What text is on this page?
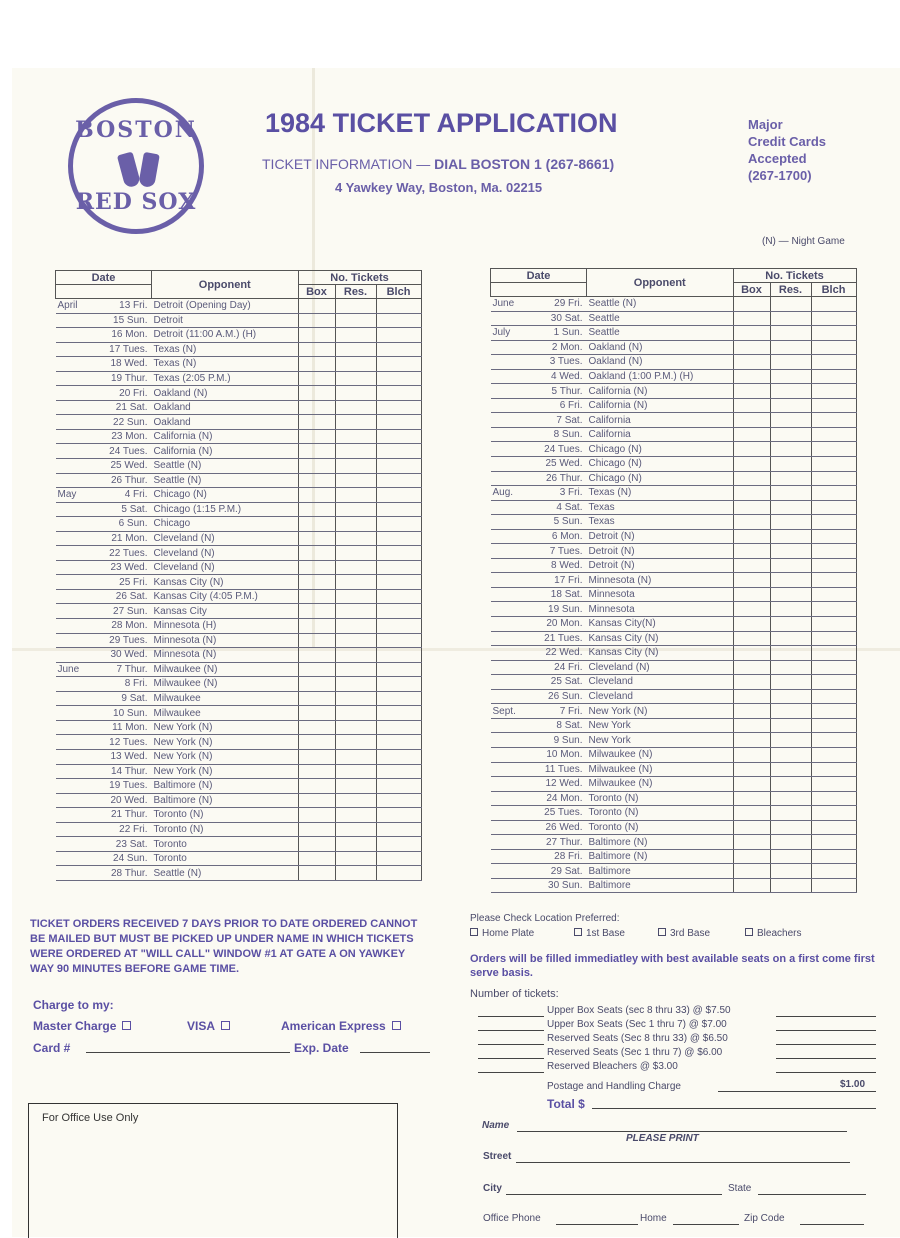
BOSTON
RED SOX
1984 TICKET APPLICATION
TICKET INFORMATION — DIAL BOSTON 1 (267-8661)
4 Yawkey Way, Boston, Ma. 02215
Major
Credit Cards
Accepted
(267-1700)
(N) — Night Game
Date		Opponent	No. Tickets		
			Box	Res.	Blch
April	13 Fri.	Detroit (Opening Day)			
	15 Sun.	Detroit			
	16 Mon.	Detroit (11:00 A.M.) (H)			
	17 Tues.	Texas (N)			
	18 Wed.	Texas (N)			
	19 Thur.	Texas (2:05 P.M.)			
	20 Fri.	Oakland (N)			
	21 Sat.	Oakland			
	22 Sun.	Oakland			
	23 Mon.	California (N)			
	24 Tues.	California (N)			
	25 Wed.	Seattle (N)			
	26 Thur.	Seattle (N)			
May	4 Fri.	Chicago (N)			
	5 Sat.	Chicago (1:15 P.M.)			
	6 Sun.	Chicago			
	21 Mon.	Cleveland (N)			
	22 Tues.	Cleveland (N)			
	23 Wed.	Cleveland (N)			
	25 Fri.	Kansas City (N)			
	26 Sat.	Kansas City (4:05 P.M.)			
	27 Sun.	Kansas City			
	28 Mon.	Minnesota (H)			
	29 Tues.	Minnesota (N)			
	30 Wed.	Minnesota (N)			
June	7 Thur.	Milwaukee (N)			
	8 Fri.	Milwaukee (N)			
	9 Sat.	Milwaukee			
	10 Sun.	Milwaukee			
	11 Mon.	New York (N)			
	12 Tues.	New York (N)			
	13 Wed.	New York (N)			
	14 Thur.	New York (N)			
	19 Tues.	Baltimore (N)			
	20 Wed.	Baltimore (N)			
	21 Thur.	Toronto (N)			
	22 Fri.	Toronto (N)			
	23 Sat.	Toronto			
	24 Sun.	Toronto			
	28 Thur.	Seattle (N)			
Date		Opponent	No. Tickets		
			Box	Res.	Blch
June	29 Fri.	Seattle (N)			
	30 Sat.	Seattle			
July	1 Sun.	Seattle			
	2 Mon.	Oakland (N)			
	3 Tues.	Oakland (N)			
	4 Wed.	Oakland (1:00 P.M.) (H)			
	5 Thur.	California (N)			
	6 Fri.	California (N)			
	7 Sat.	California			
	8 Sun.	California			
	24 Tues.	Chicago (N)			
	25 Wed.	Chicago (N)			
	26 Thur.	Chicago (N)			
Aug.	3 Fri.	Texas (N)			
	4 Sat.	Texas			
	5 Sun.	Texas			
	6 Mon.	Detroit (N)			
	7 Tues.	Detroit (N)			
	8 Wed.	Detroit (N)			
	17 Fri.	Minnesota (N)			
	18 Sat.	Minnesota			
	19 Sun.	Minnesota			
	20 Mon.	Kansas City(N)			
	21 Tues.	Kansas City (N)			
	22 Wed.	Kansas City (N)			
	24 Fri.	Cleveland (N)			
	25 Sat.	Cleveland			
	26 Sun.	Cleveland			
Sept.	7 Fri.	New York (N)			
	8 Sat.	New York			
	9 Sun.	New York			
	10 Mon.	Milwaukee (N)			
	11 Tues.	Milwaukee (N)			
	12 Wed.	Milwaukee (N)			
	24 Mon.	Toronto (N)			
	25 Tues.	Toronto (N)			
	26 Wed.	Toronto (N)			
	27 Thur.	Baltimore (N)			
	28 Fri.	Baltimore (N)			
	29 Sat.	Baltimore			
	30 Sun.	Baltimore			
TICKET ORDERS RECEIVED 7 DAYS PRIOR TO DATE ORDERED CANNOT BE MAILED BUT MUST BE PICKED UP UNDER NAME IN WHICH TICKETS WERE ORDERED AT "WILL CALL" WINDOW #1 AT GATE A ON YAWKEY WAY 90 MINUTES BEFORE GAME TIME.
Charge to my:
Master Charge	VISA	American Express
Card #	Exp. Date
For Office Use Only
Please Check Location Preferred:
Home Plate	1st Base	3rd Base	Bleachers
Orders will be filled immediatley with best available seats on a first come first serve basis.
Number of tickets:
Upper Box Seats (sec 8 thru 33) @ $7.50
Upper Box Seats (Sec 1 thru 7) @ $7.00
Reserved Seats (Sec 8 thru 33) @ $6.50
Reserved Seats (Sec 1 thru 7) @ $6.00
Reserved Bleachers @ $3.00
Postage and Handling Charge	$1.00
Total $
Name
PLEASE PRINT
Street
City	State
Office Phone	Home	Zip Code
